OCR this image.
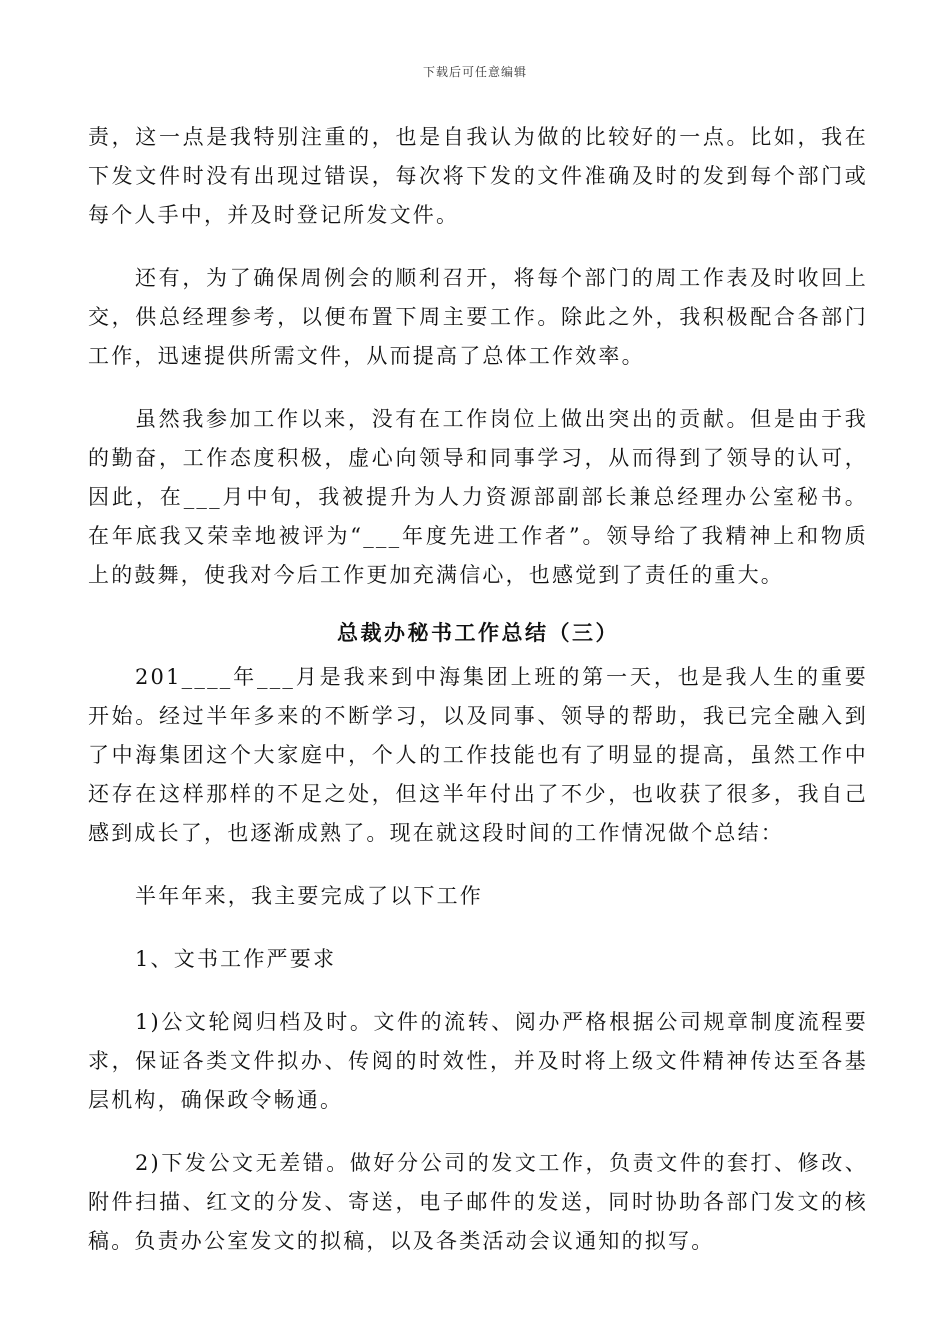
下载后可任意编辑

责，这一点是我特别注重的，也是自我认为做的比较好的一点。比如，我在下发文件时没有出现过错误，每次将下发的文件准确及时的发到每个部门或每个人手中，并及时登记所发文件。

还有，为了确保周例会的顺利召开，将每个部门的周工作表及时收回上交，供总经理参考，以便布置下周主要工作。除此之外，我积极配合各部门工作，迅速提供所需文件，从而提高了总体工作效率。

虽然我参加工作以来，没有在工作岗位上做出突出的贡献。但是由于我的勤奋，工作态度积极，虚心向领导和同事学习，从而得到了领导的认可，因此，在___月中旬，我被提升为人力资源部副部长兼总经理办公室秘书。在年底我又荣幸地被评为“___年度先进工作者”。领导给了我精神上和物质上的鼓舞，使我对今后工作更加充满信心，也感觉到了责任的重大。

总裁办秘书工作总结（三）

201____年___月是我来到中海集团上班的第一天，也是我人生的重要开始。经过半年多来的不断学习，以及同事、领导的帮助，我已完全融入到了中海集团这个大家庭中，个人的工作技能也有了明显的提高，虽然工作中还存在这样那样的不足之处，但这半年付出了不少，也收获了很多，我自己感到成长了，也逐渐成熟了。现在就这段时间的工作情况做个总结：

半年年来，我主要完成了以下工作

1、文书工作严要求

1)公文轮阅归档及时。文件的流转、阅办严格根据公司规章制度流程要求，保证各类文件拟办、传阅的时效性，并及时将上级文件精神传达至各基层机构，确保政令畅通。

2)下发公文无差错。做好分公司的发文工作，负责文件的套打、修改、附件扫描、红文的分发、寄送，电子邮件的发送，同时协助各部门发文的核稿。负责办公室发文的拟稿，以及各类活动会议通知的拟写。
